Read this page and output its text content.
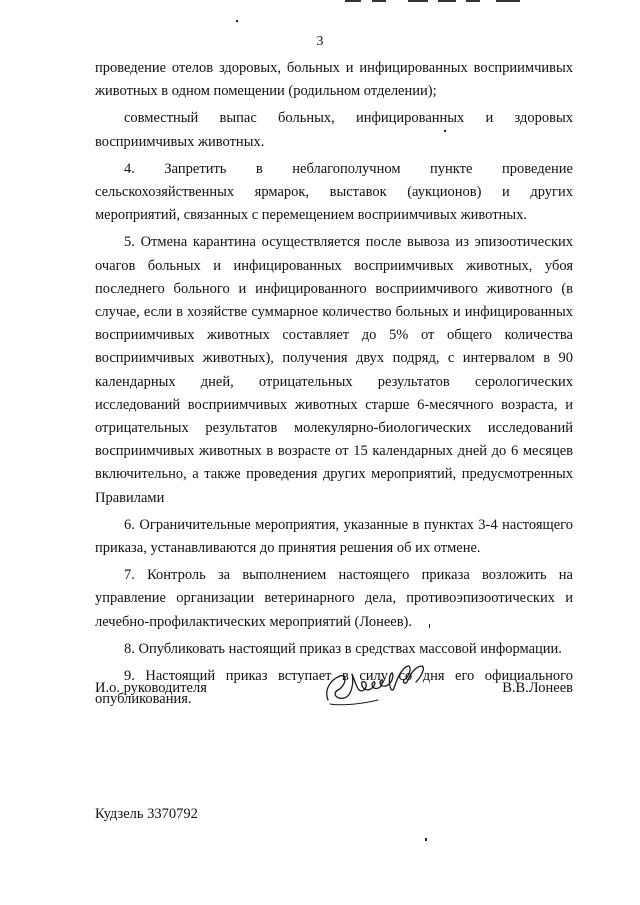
3

проведение отелов здоровых, больных и инфицированных восприимчивых животных в одном помещении (родильном отделении);

совместный выпас больных, инфицированных и здоровых восприимчивых животных.

4. Запретить в неблагополучном пункте проведение сельскохозяйственных ярмарок, выставок (аукционов) и других мероприятий, связанных с перемещением восприимчивых животных.

5. Отмена карантина осуществляется после вывоза из эпизоотических очагов больных и инфицированных восприимчивых животных, убоя последнего больного и инфицированного восприимчивого животного (в случае, если в хозяйстве суммарное количество больных и инфицированных восприимчивых животных составляет до 5% от общего количества восприимчивых животных), получения двух подряд, с интервалом в 90 календарных дней, отрицательных результатов серологических исследований восприимчивых животных старше 6-месячного возраста, и отрицательных результатов молекулярно-биологических исследований восприимчивых животных в возрасте от 15 календарных дней до 6 месяцев включительно, а также проведения других мероприятий, предусмотренных Правилами

6. Ограничительные мероприятия, указанные в пунктах 3-4 настоящего приказа, устанавливаются до принятия решения об их отмене.

7. Контроль за выполнением настоящего приказа возложить на управление организации ветеринарного дела, противоэпизоотических и лечебно-профилактических мероприятий (Лонеев).

8. Опубликовать настоящий приказ в средствах массовой информации.

9. Настоящий приказ вступает в силу со дня его официального опубликования.

И.о. руководителя	В.В.Лонеев
Кудзель 3370792
